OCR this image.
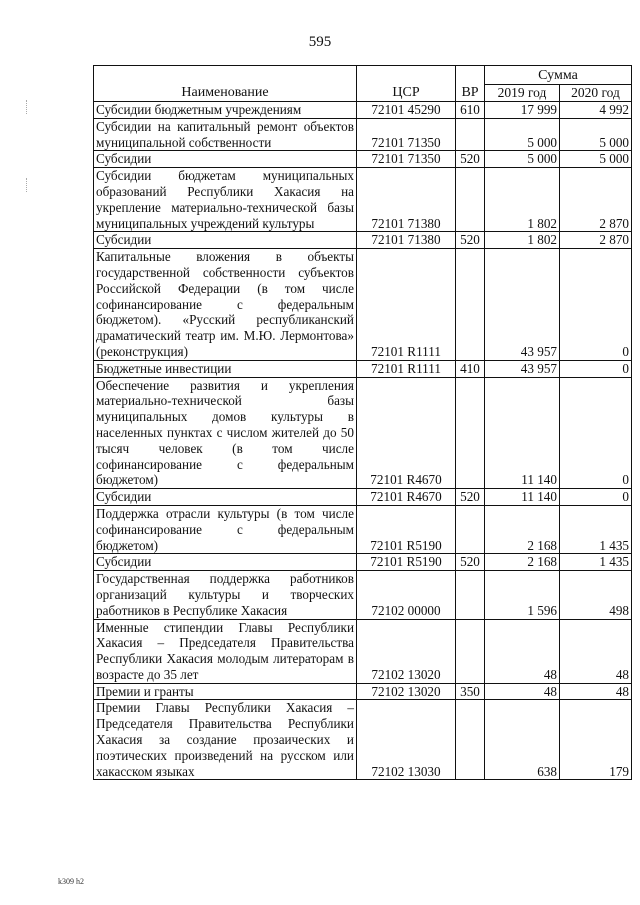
595
Наименование	ЦСР	ВР	Сумма	
			2019 год	2020 год
Субсидии бюджетным учреждениям	72101 45290	610	17 999	4 992
Субсидии на капитальный ремонт объектов муниципальной собственности	72101 71350		5 000	5 000
Субсидии	72101 71350	520	5 000	5 000
Субсидии бюджетам муниципальных образований Республики Хакасия на укрепление материально-технической базы муниципальных учреждений культуры	72101 71380		1 802	2 870
Субсидии	72101 71380	520	1 802	2 870
Капитальные вложения в объекты государственной собственности субъектов Российской Федерации (в том числе софинансирование с федеральным бюджетом). «Русский республиканский драматический театр им. М.Ю. Лермонтова» (реконструкция)	72101 R1111		43 957	0
Бюджетные инвестиции	72101 R1111	410	43 957	0
Обеспечение развития и укрепления материально-технической базы муниципальных домов культуры в населенных пунктах с числом жителей до 50 тысяч человек (в том числе софинансирование с федеральным бюджетом)	72101 R4670		11 140	0
Субсидии	72101 R4670	520	11 140	0
Поддержка отрасли культуры (в том числе софинансирование с федеральным бюджетом)	72101 R5190		2 168	1 435
Субсидии	72101 R5190	520	2 168	1 435
Государственная поддержка работников организаций культуры и творческих работников в Республике Хакасия	72102 00000		1 596	498
Именные стипендии Главы Республики Хакасия – Председателя Правительства Республики Хакасия молодым литераторам в возрасте до 35 лет	72102 13020		48	48
Премии и гранты	72102 13020	350	48	48
Премии Главы Республики Хакасия – Председателя Правительства Республики Хакасия за создание прозаических и поэтических произведений на русском или хакасском языках	72102 13030		638	179
k309 h2
